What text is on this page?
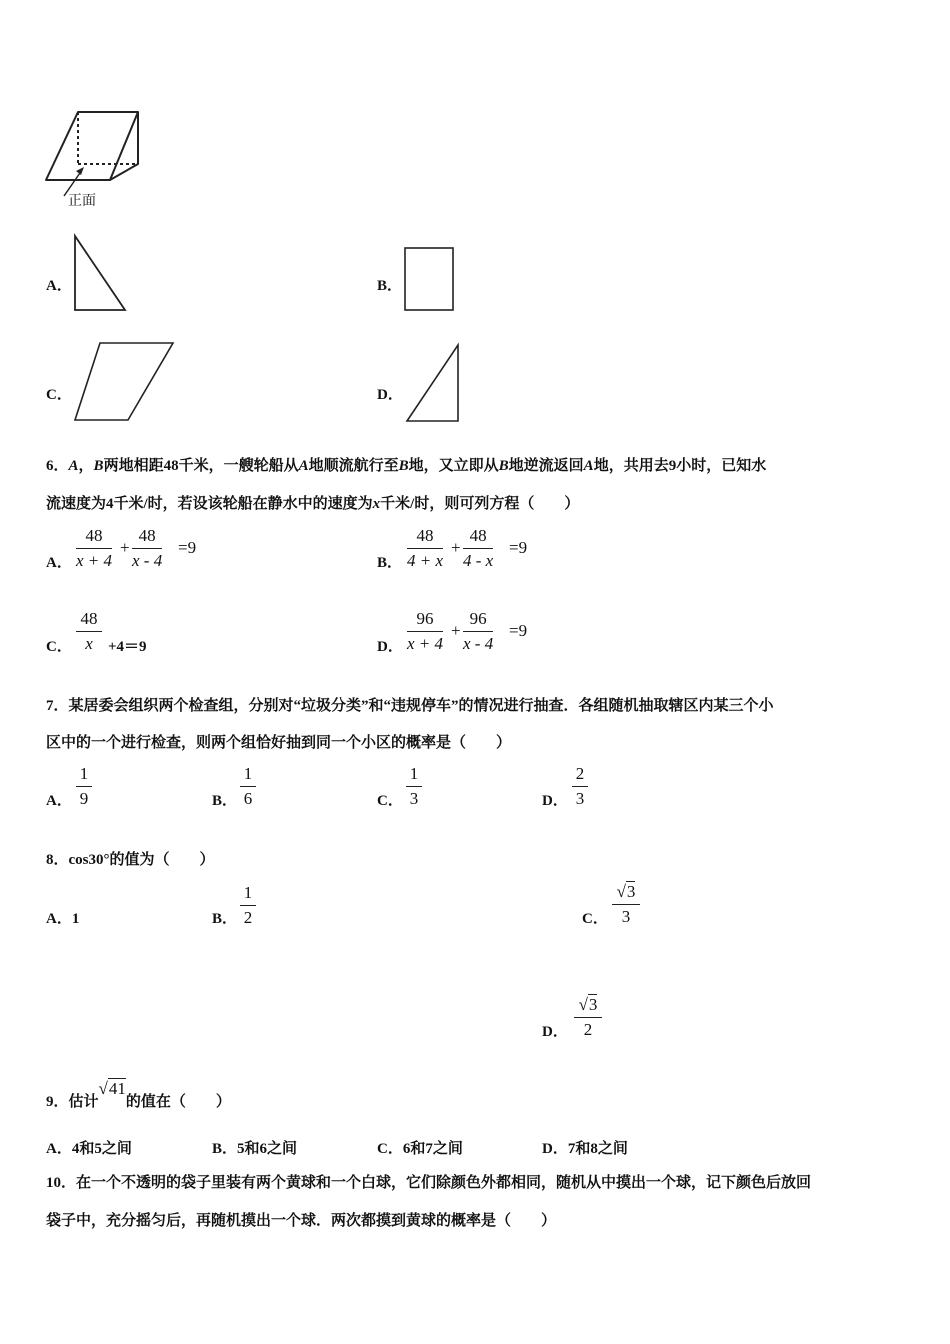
正面
A．	B．
C．	D．
6．A，B两地相距48千米，一艘轮船从A地顺流航行至B地，又立即从B地逆流返回A地，共用去9小时，已知水
流速度为4千米/时，若设该轮船在静水中的速度为x千米/时，则可列方程（　　）
A． $\frac{48}{x + 4} + \frac{48}{x - 4} =9$
B． $\frac{48}{4 + x} + \frac{48}{4 - x} =9$
C． $\frac{48}{x} +4=9$	D． $\frac{96}{x + 4} + \frac{96}{x - 4} =9$
7．某居委会组织两个检查组，分别对“垃圾分类”和“违规停车”的情况进行抽查．各组随机抽取辖区内某三个小
区中的一个进行检查，则两个组恰好抽到同一个小区的概率是（　　）
A． $\frac{1}{9}$	B． $\frac{1}{6}$	C． $\frac{1}{3}$	D． $\frac{2}{3}$
8．cos30°的值为（　　）
A．1	B． $\frac{1}{2}$	C． $\frac{√3}{3}$
D． $\frac{√3}{2}$
9．估计√41的值在（　　）
A．4和5之间	B．5和6之间	C．6和7之间	D．7和8之间
10．在一个不透明的袋子里装有两个黄球和一个白球，它们除颜色外都相同，随机从中摸出一个球，记下颜色后放回
袋子中，充分摇匀后，再随机摸出一个球．两次都摸到黄球的概率是（　　）
